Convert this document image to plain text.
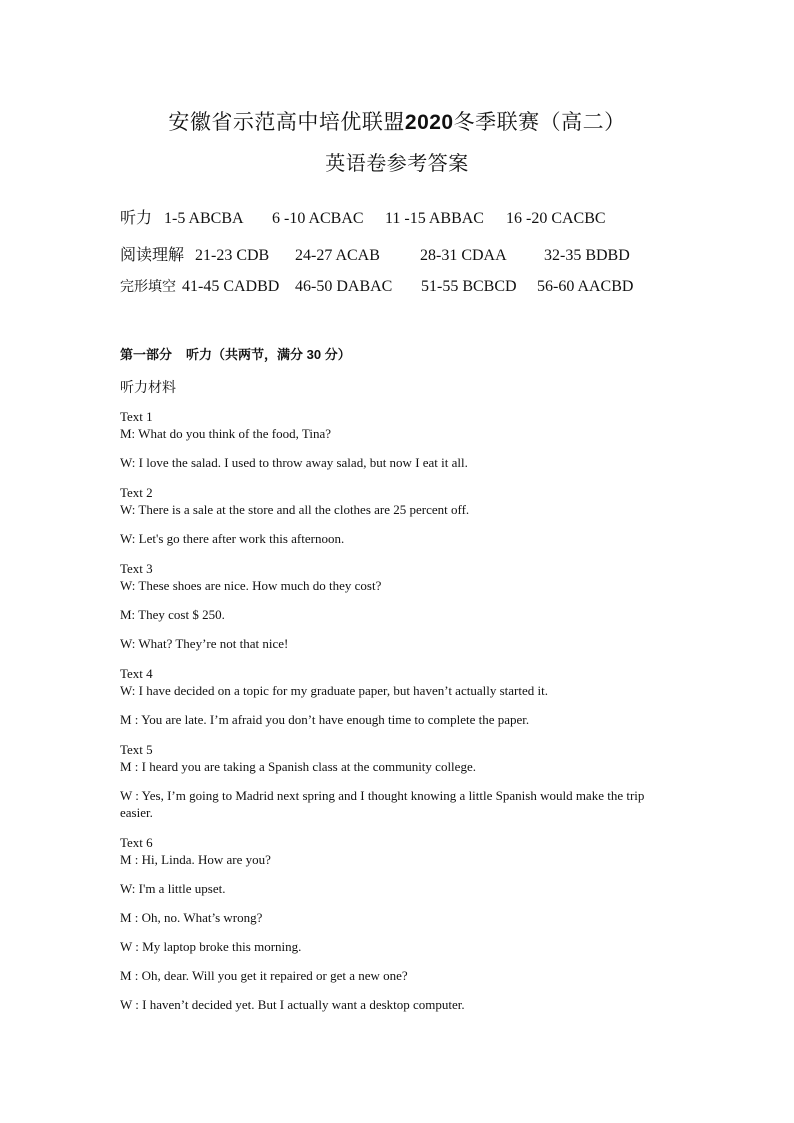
安徽省示范高中培优联盟2020冬季联赛（高二）
英语卷参考答案
听力 1-5 ABCBA 6 -10 ACBAC 11 -15 ABBAC 16 -20 CACBC
阅读理解 21-23 CDB 24-27 ACAB	28-31 CDAA 32-35 BDBD
完形填空 41-45 CADBD 46-50 DABAC 51-55 BCBCD 56-60 AACBD
第一部分 听力（共两节，满分 30 分）
听力材料

Text 1

M: What do you think of the food, Tina?

W: I love the salad. I used to throw away salad, but now I eat it all.

Text 2

W: There is a sale at the store and all the clothes are 25 percent off.

W: Let's go there after work this afternoon.

Text 3

W: These shoes are nice. How much do they cost?

M: They cost $ 250.

W: What? They’re not that nice!

Text 4

W: I have decided on a topic for my graduate paper, but haven’t actually started it.

M : You are late. I’m afraid you don’t have enough time to complete the paper.

Text 5

M : I heard you are taking a Spanish class at the community college.

W : Yes, I’m going to Madrid next spring and I thought knowing a little Spanish would make the trip easier.

Text 6

M : Hi, Linda. How are you?

W: I'm a little upset.

M : Oh, no. What’s wrong?

W : My laptop broke this morning.

M : Oh, dear. Will you get it repaired or get a new one?

W : I haven’t decided yet. But I actually want a desktop computer.
